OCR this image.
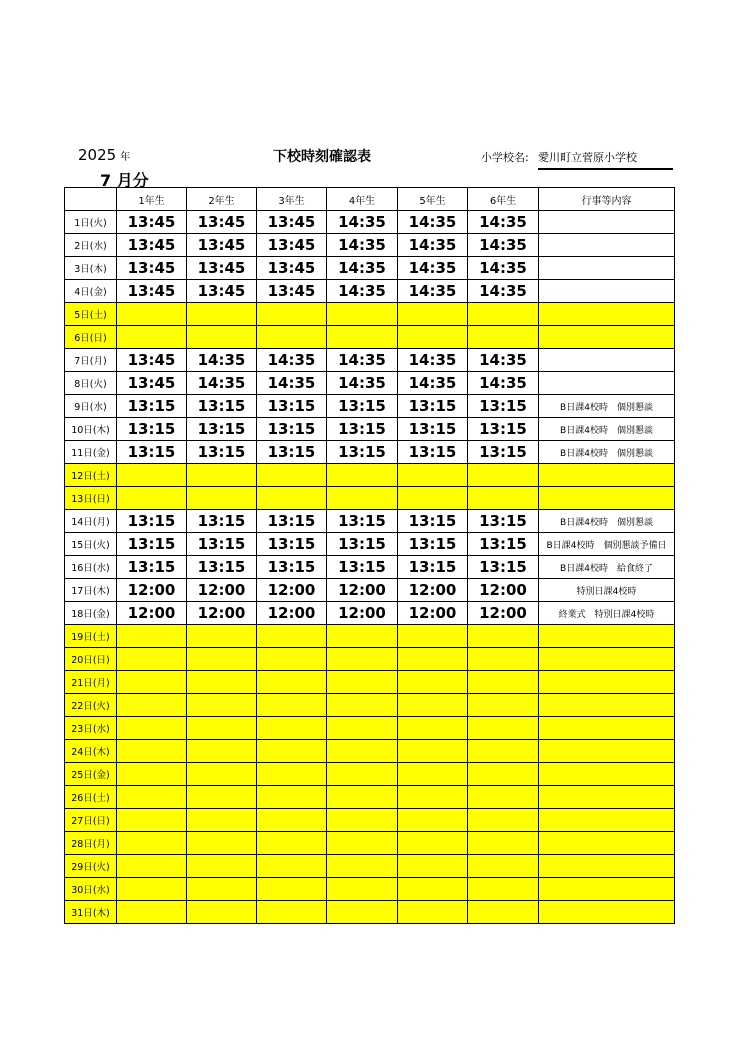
2025 年
7 月分
下校時刻確認表	小学校名: 愛川町立菅原小学校
	1年生	2年生	3年生	4年生	5年生	6年生	行事等内容
1日(火)	13:45	13:45	13:45	14:35	14:35	14:35	
2日(水)	13:45	13:45	13:45	14:35	14:35	14:35	
3日(木)	13:45	13:45	13:45	14:35	14:35	14:35	
4日(金)	13:45	13:45	13:45	14:35	14:35	14:35	
5日(土)							
6日(日)							
7日(月)	13:45	14:35	14:35	14:35	14:35	14:35	
8日(火)	13:45	14:35	14:35	14:35	14:35	14:35	
9日(水)	13:15	13:15	13:15	13:15	13:15	13:15	B日課4校時　個別懇談
10日(木)	13:15	13:15	13:15	13:15	13:15	13:15	B日課4校時　個別懇談
11日(金)	13:15	13:15	13:15	13:15	13:15	13:15	B日課4校時　個別懇談
12日(土)							
13日(日)							
14日(月)	13:15	13:15	13:15	13:15	13:15	13:15	B日課4校時　個別懇談
15日(火)	13:15	13:15	13:15	13:15	13:15	13:15	B日課4校時　個別懇談予備日
16日(水)	13:15	13:15	13:15	13:15	13:15	13:15	B日課4校時　給食終了
17日(木)	12:00	12:00	12:00	12:00	12:00	12:00	特別日課4校時
18日(金)	12:00	12:00	12:00	12:00	12:00	12:00	終業式　特別日課4校時
19日(土)							
20日(日)							
21日(月)							
22日(火)							
23日(水)							
24日(木)							
25日(金)							
26日(土)							
27日(日)							
28日(月)							
29日(火)							
30日(水)							
31日(木)							
